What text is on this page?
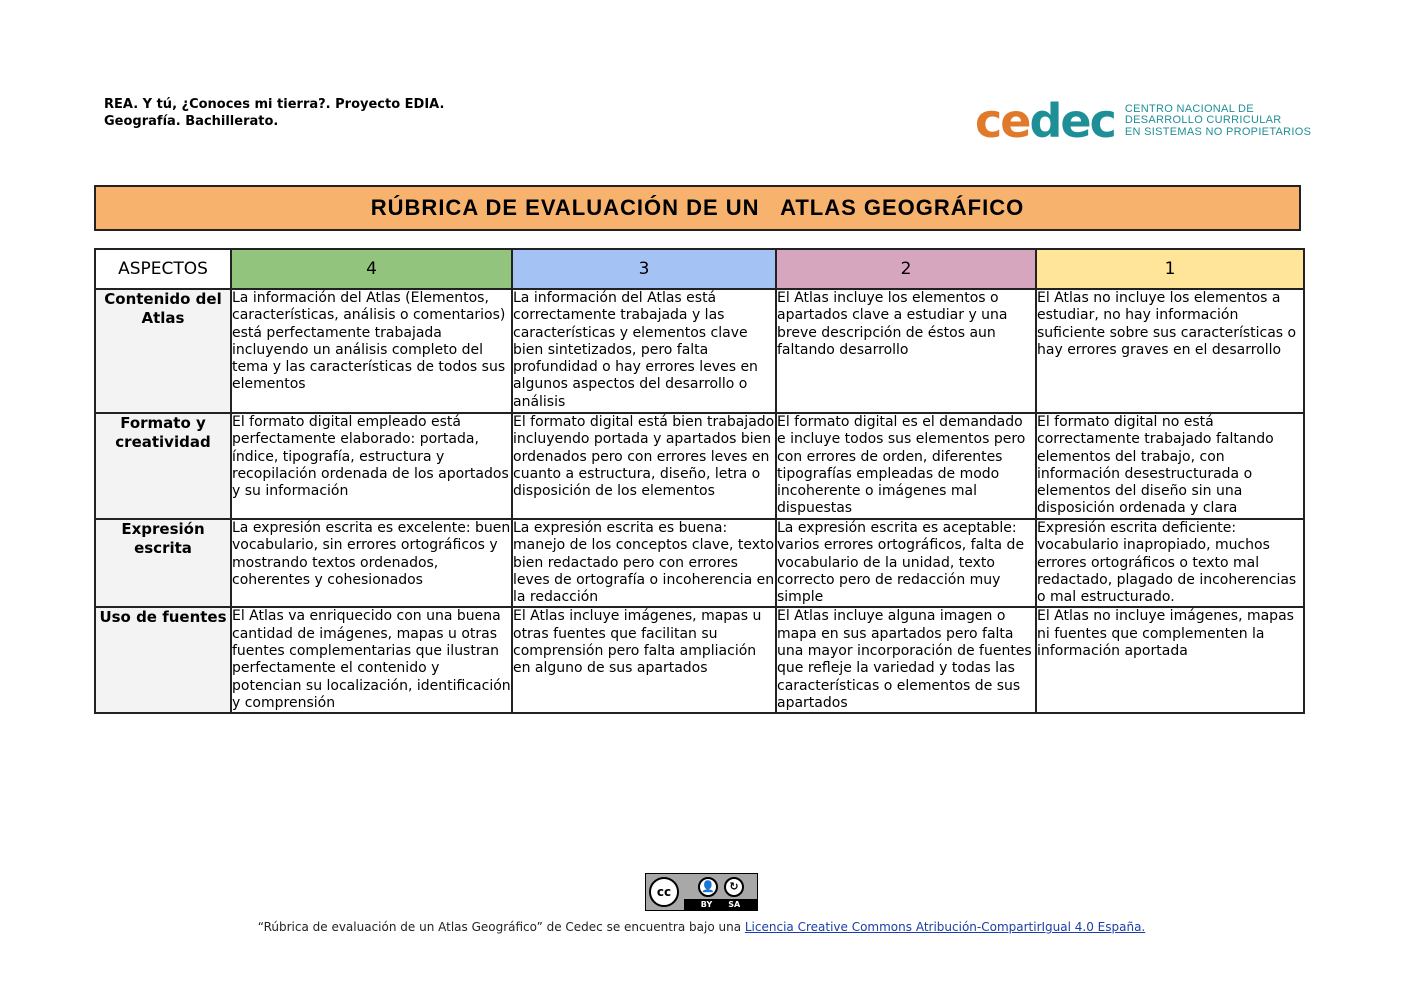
REA. Y tú, ¿Conoces mi tierra?. Proyecto EDIA.
Geografía. Bachillerato.	cedec CENTRO NACIONAL DE
DESARROLLO CURRICULAR
EN SISTEMAS NO PROPIETARIOS
RÚBRICA DE EVALUACIÓN DE UN   ATLAS GEOGRÁFICO
ASPECTOS	4	3	2	1
Contenido del Atlas	La información del Atlas (Elementos, características, análisis o comentarios) está perfectamente trabajada incluyendo un análisis completo del tema y las características de todos sus elementos	La información del Atlas está correctamente trabajada y las características y elementos clave bien sintetizados, pero falta profundidad o hay errores leves en algunos aspectos del desarrollo o análisis	El Atlas incluye los elementos o apartados clave a estudiar y una breve descripción de éstos aun faltando desarrollo	El Atlas no incluye los elementos a estudiar, no hay información suficiente sobre sus características o hay errores graves en el desarrollo
Formato y creatividad	El formato digital empleado está perfectamente elaborado: portada, índice, tipografía, estructura y recopilación ordenada de los aportados y su información	El formato digital está bien trabajado incluyendo portada y apartados bien ordenados pero con errores leves en cuanto a estructura, diseño, letra o disposición de los elementos	El formato digital es el demandado e incluye todos sus elementos pero con errores de orden, diferentes tipografías empleadas de modo incoherente o imágenes mal dispuestas	El formato digital no está correctamente trabajado faltando elementos del trabajo, con información desestructurada o elementos del diseño sin una disposición ordenada y clara
Expresión escrita	La expresión escrita es excelente: buen vocabulario, sin errores ortográficos y mostrando textos ordenados, coherentes y cohesionados	La expresión escrita es buena: manejo de los conceptos clave, texto bien redactado pero con errores leves de ortografía o incoherencia en la redacción	La expresión escrita es aceptable: varios errores ortográficos, falta de vocabulario de la unidad, texto correcto pero de redacción muy simple	Expresión escrita deficiente: vocabulario inapropiado, muchos errores ortográficos o texto mal redactado, plagado de incoherencias o mal estructurado.
Uso de fuentes	El Atlas va enriquecido con una buena cantidad de imágenes, mapas u otras fuentes complementarias que ilustran perfectamente el contenido y potencian su localización, identificación y comprensión	El Atlas incluye imágenes, mapas u otras fuentes que facilitan su comprensión pero falta ampliación en alguno de sus apartados	El Atlas incluye alguna imagen o mapa en sus apartados pero falta una mayor incorporación de fuentes que refleje la variedad y todas las características o elementos de sus apartados	El Atlas no incluye imágenes, mapas ni fuentes que complementen la información aportada
cc	👤	↻
BY SA
“Rúbrica de evaluación de un Atlas Geográfico” de Cedec se encuentra bajo una Licencia Creative Commons Atribución-CompartirIgual 4.0 España.
